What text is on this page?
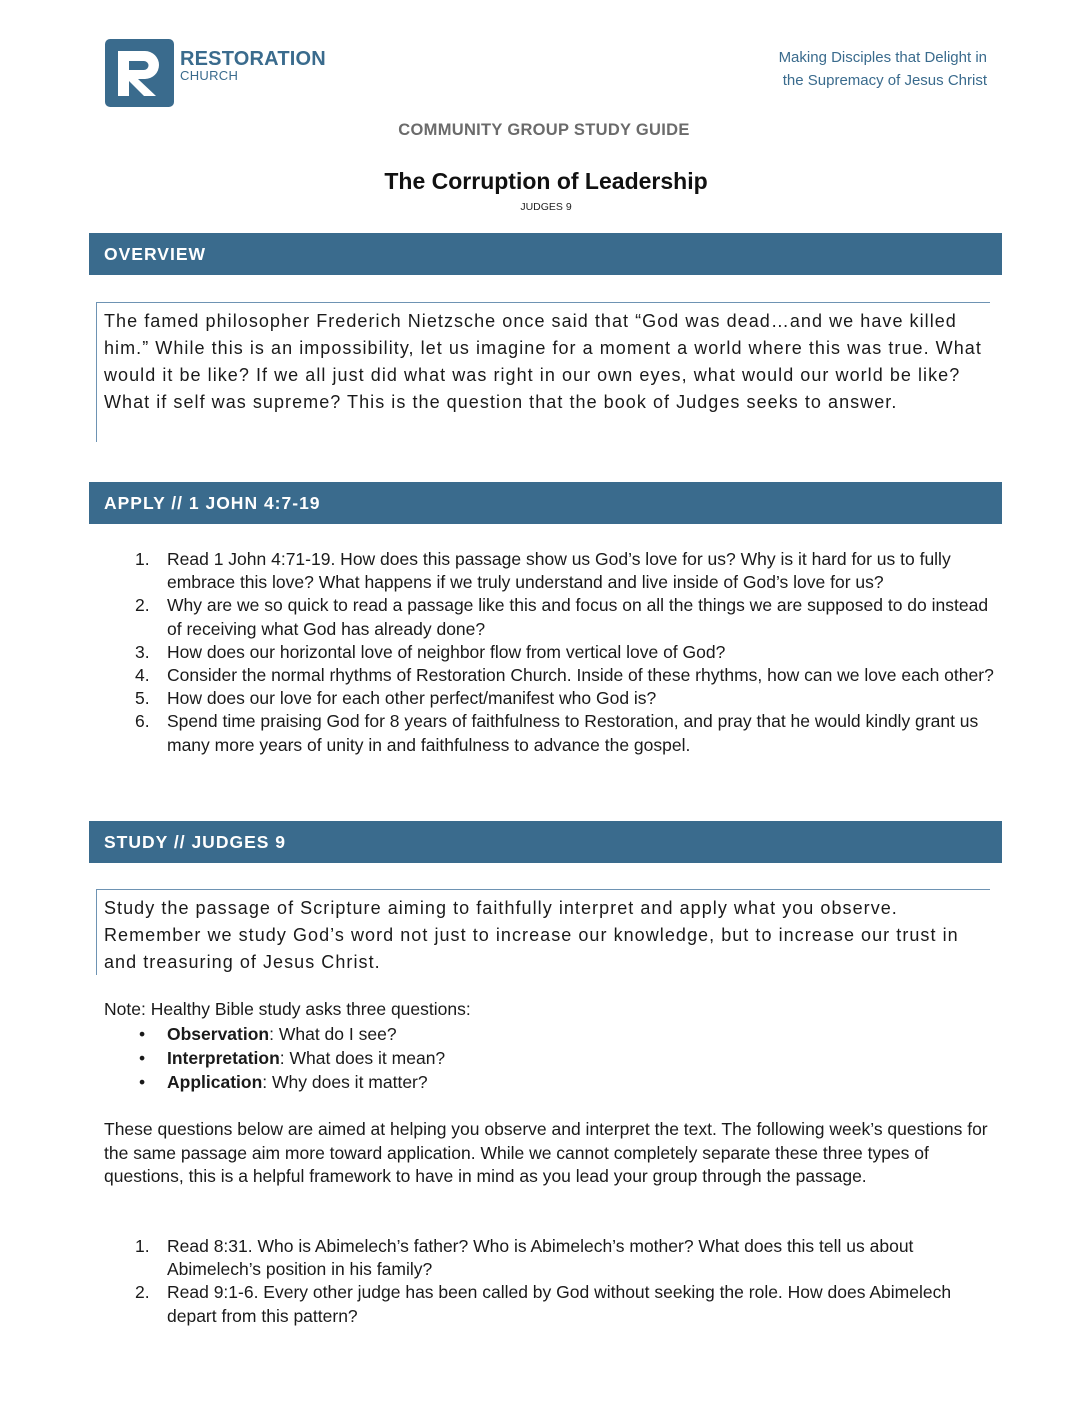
RESTORATION
CHURCH
Making Disciples that Delight in
the Supremacy of Jesus Christ
COMMUNITY GROUP STUDY GUIDE
The Corruption of Leadership
JUDGES 9
OVERVIEW

The famed philosopher Frederich Nietzsche once said that “God was dead…and we have killed him.” While this is an impossibility, let us imagine for a moment a world where this was true. What would it be like? If we all just did what was right in our own eyes, what would our world be like? What if self was supreme? This is the question that the book of Judges seeks to answer.

APPLY // 1 JOHN 4:7-19
1. Read 1 John 4:71-19. How does this passage show us God’s love for us? Why is it hard for us to fully embrace this love? What happens if we truly understand and live inside of God’s love for us?
2. Why are we so quick to read a passage like this and focus on all the things we are supposed to do instead of receiving what God has already done?
3. How does our horizontal love of neighbor flow from vertical love of God?
4. Consider the normal rhythms of Restoration Church. Inside of these rhythms, how can we love each other?
5. How does our love for each other perfect/manifest who God is?
6. Spend time praising God for 8 years of faithfulness to Restoration, and pray that he would kindly grant us many more years of unity in and faithfulness to advance the gospel.
STUDY // JUDGES 9

Study the passage of Scripture aiming to faithfully interpret and apply what you observe. Remember we study God’s word not just to increase our knowledge, but to increase our trust in and treasuring of Jesus Christ.

Note: Healthy Bible study asks three questions:
• Observation: What do I see?
• Interpretation: What does it mean?
• Application: Why does it matter?

These questions below are aimed at helping you observe and interpret the text. The following week’s questions for the same passage aim more toward application. While we cannot completely separate these three types of questions, this is a helpful framework to have in mind as you lead your group through the passage.

1. Read 8:31. Who is Abimelech’s father? Who is Abimelech’s mother? What does this tell us about Abimelech’s position in his family?
2. Read 9:1-6. Every other judge has been called by God without seeking the role. How does Abimelech depart from this pattern?
